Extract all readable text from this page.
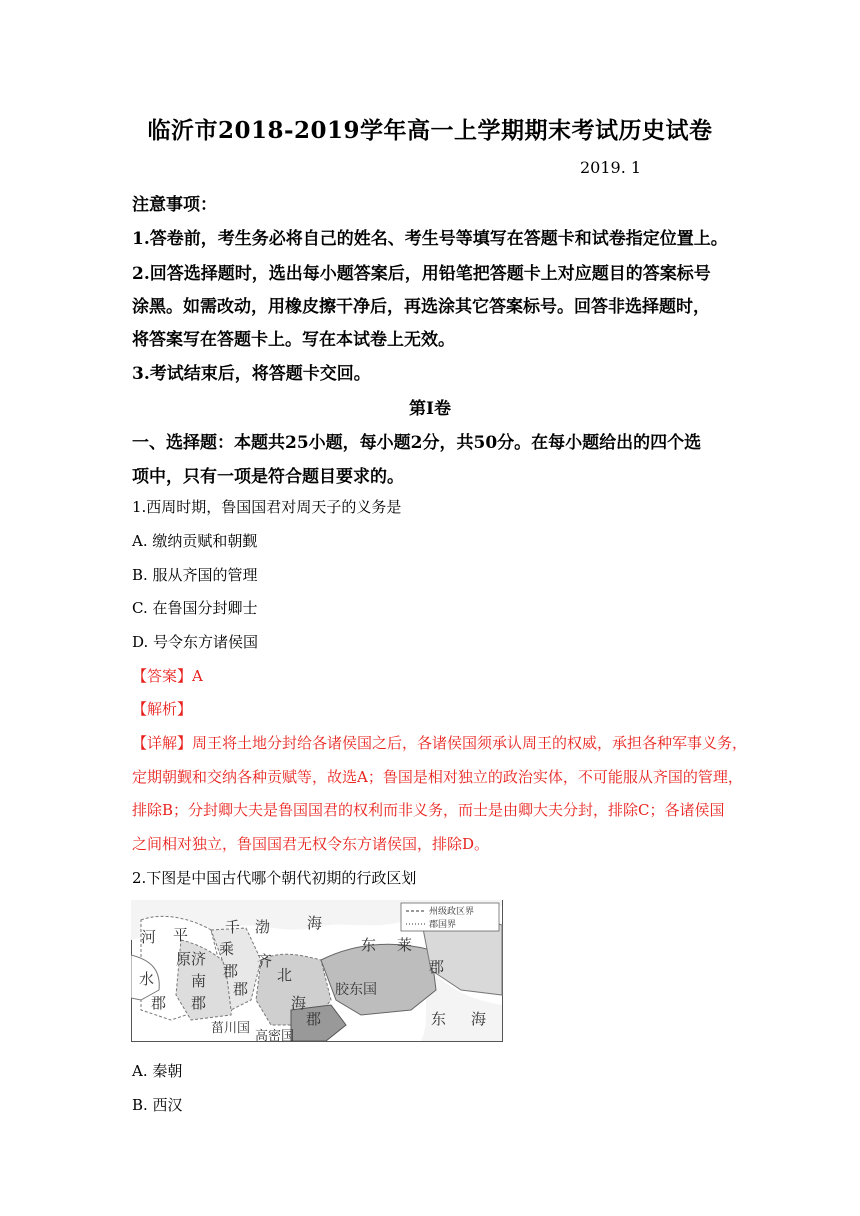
临沂市2018-2019学年高一上学期期末考试历史试卷
2019. 1
注意事项：
1.答卷前，考生务必将自己的姓名、考生号等填写在答题卡和试卷指定位置上。
2.回答选择题时，选出每小题答案后，用铅笔把答题卡上对应题目的答案标号
涂黑。如需改动，用橡皮擦干净后，再选涂其它答案标号。回答非选择题时，
将答案写在答题卡上。写在本试卷上无效。
3.考试结束后，将答题卡交回。
第Ⅰ卷
一、选择题：本题共25小题，每小题2分，共50分。在每小题给出的四个选
项中，只有一项是符合题目要求的。
1.西周时期，鲁国国君对周天子的义务是
A. 缴纳贡赋和朝觐
B. 服从齐国的管理
C. 在鲁国分封卿士
D. 号令东方诸侯国
【答案】A
【解析】
【详解】周王将土地分封给各诸侯国之后，各诸侯国须承认周王的权威，承担各种军事义务，
定期朝觐和交纳各种贡赋等，故选A；鲁国是相对独立的政治实体，不可能服从齐国的管理，
排除B；分封卿大夫是鲁国国君的权利而非义务，而士是由卿大夫分封，排除C；各诸侯国
之间相对独立，鲁国国君无权令东方诸侯国，排除D。
2.下图是中国古代哪个朝代初期的行政区划
州级政区界
郡国界
河 平
原
水
郡
千
乘
郡
济
南
郡
齐
郡
北
海
郡
渤 海
东 莱
郡
胶东国
菑川国
高密国
东 海
A. 秦朝
B. 西汉
